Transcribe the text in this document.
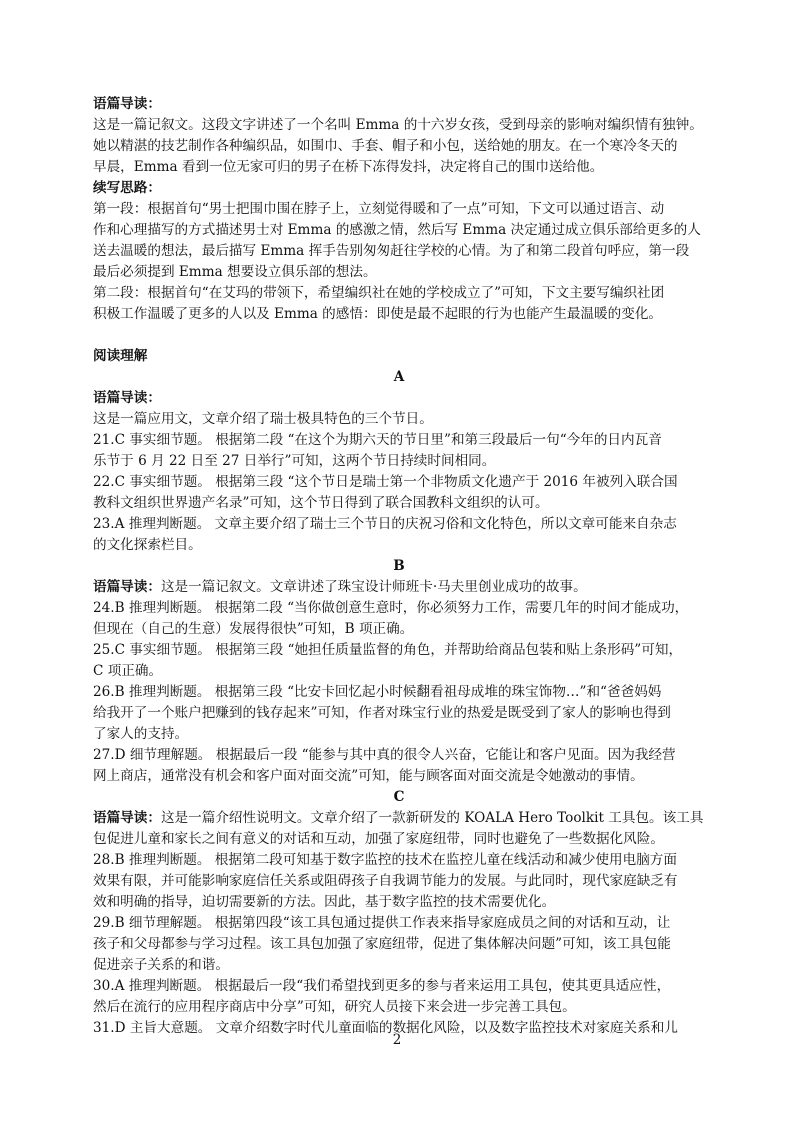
语篇导读：

这是一篇记叙文。这段文字讲述了一个名叫 Emma 的十六岁女孩，受到母亲的影响对编织情有独钟。

她以精湛的技艺制作各种编织品，如围巾、手套、帽子和小包，送给她的朋友。在一个寒冷冬天的

早晨，Emma 看到一位无家可归的男子在桥下冻得发抖，决定将自己的围巾送给他。

续写思路：

第一段：根据首句“男士把围巾围在脖子上，立刻觉得暖和了一点”可知，下文可以通过语言、动

作和心理描写的方式描述男士对 Emma 的感激之情，然后写 Emma 决定通过成立俱乐部给更多的人

送去温暖的想法，最后描写 Emma 挥手告别匆匆赶往学校的心情。为了和第二段首句呼应，第一段

最后必须提到 Emma 想要设立俱乐部的想法。

第二段：根据首句“在艾玛的带领下，希望编织社在她的学校成立了”可知，下文主要写编织社团

积极工作温暖了更多的人以及 Emma 的感悟：即使是最不起眼的行为也能产生最温暖的变化。

阅读理解

A

语篇导读：

这是一篇应用文，文章介绍了瑞士极具特色的三个节日。

21.C 事实细节题。 根据第二段 “在这个为期六天的节日里”和第三段最后一句“今年的日内瓦音

乐节于 6 月 22 日至 27 日举行”可知，这两个节日持续时间相同。

22.C 事实细节题。 根据第三段 “这个节日是瑞士第一个非物质文化遗产于 2016 年被列入联合国

教科文组织世界遗产名录”可知，这个节日得到了联合国教科文组织的认可。

23.A 推理判断题。 文章主要介绍了瑞士三个节日的庆祝习俗和文化特色，所以文章可能来自杂志

的文化探索栏目。

B

语篇导读：这是一篇记叙文。文章讲述了珠宝设计师班卡·马夫里创业成功的故事。

24.B 推理判断题。 根据第二段 “当你做创意生意时，你必须努力工作，需要几年的时间才能成功，

但现在（自己的生意）发展得很快”可知，B 项正确。

25.C 事实细节题。 根据第三段 “她担任质量监督的角色，并帮助给商品包装和贴上条形码”可知，

C 项正确。

26.B 推理判断题。 根据第三段 “比安卡回忆起小时候翻看祖母成堆的珠宝饰物…”和“爸爸妈妈

给我开了一个账户把赚到的钱存起来”可知，作者对珠宝行业的热爱是既受到了家人的影响也得到

了家人的支持。

27.D 细节理解题。 根据最后一段 “能参与其中真的很令人兴奋，它能让和客户见面。因为我经营

网上商店，通常没有机会和客户面对面交流”可知，能与顾客面对面交流是令她激动的事情。

C

语篇导读：这是一篇介绍性说明文。文章介绍了一款新研发的 KOALA Hero Toolkit 工具包。该工具

包促进儿童和家长之间有意义的对话和互动，加强了家庭纽带，同时也避免了一些数据化风险。

28.B 推理判断题。 根据第二段可知基于数字监控的技术在监控儿童在线活动和减少使用电脑方面

效果有限，并可能影响家庭信任关系或阻碍孩子自我调节能力的发展。与此同时，现代家庭缺乏有

效和明确的指导，迫切需要新的方法。因此，基于数字监控的技术需要优化。

29.B 细节理解题。 根据第四段“该工具包通过提供工作表来指导家庭成员之间的对话和互动，让

孩子和父母都参与学习过程。该工具包加强了家庭纽带，促进了集体解决问题”可知，该工具包能

促进亲子关系的和谐。

30.A 推理判断题。 根据最后一段“我们希望找到更多的参与者来运用工具包，使其更具适应性，

然后在流行的应用程序商店中分享”可知，研究人员接下来会进一步完善工具包。

31.D 主旨大意题。 文章介绍数字时代儿童面临的数据化风险，以及数字监控技术对家庭关系和儿

2
